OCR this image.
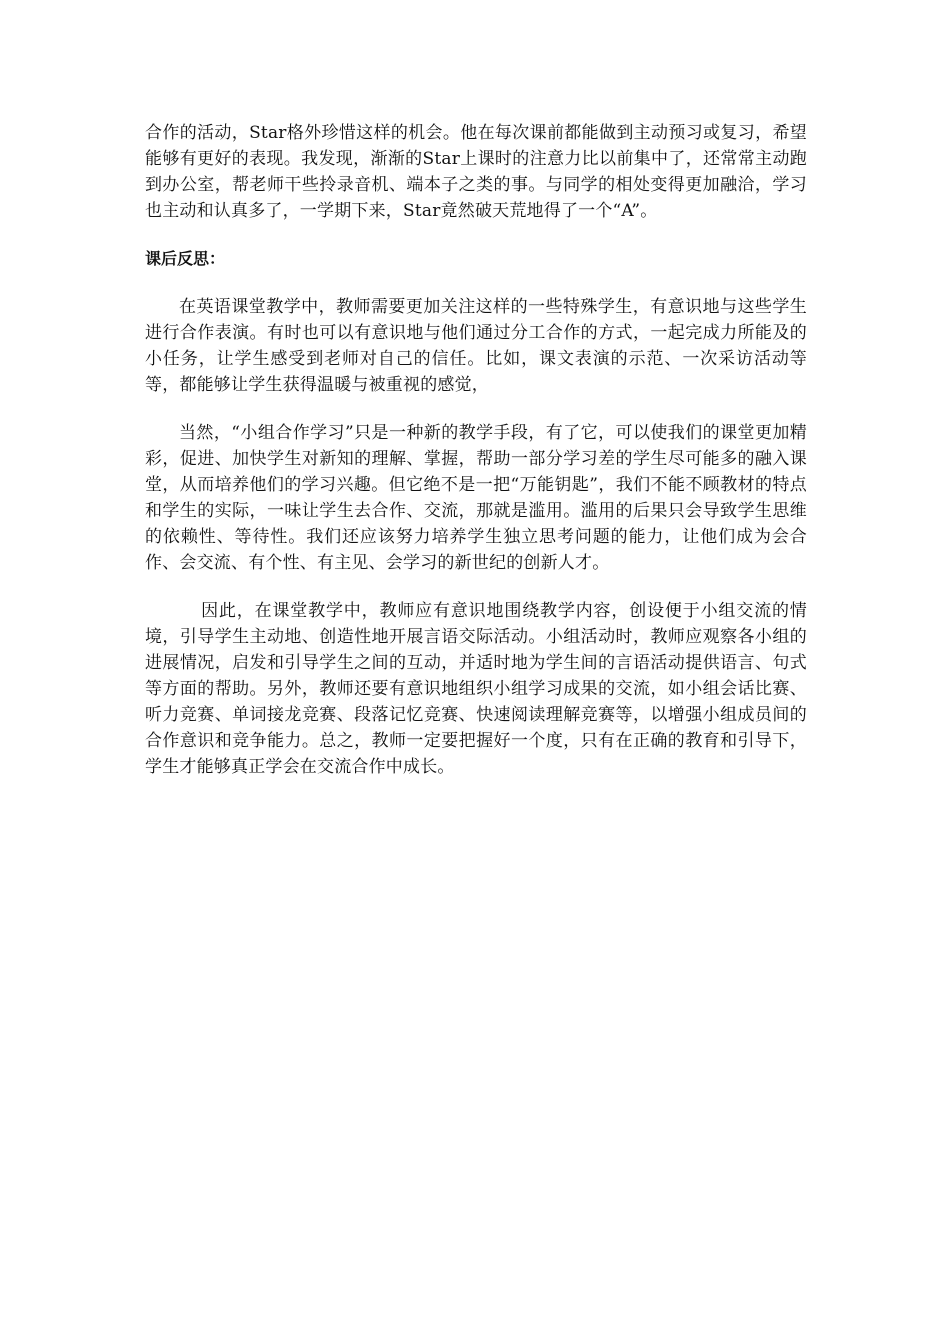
合作的活动，Star格外珍惜这样的机会。他在每次课前都能做到主动预习或复习，希望能够有更好的表现。我发现，渐渐的Star上课时的注意力比以前集中了，还常常主动跑到办公室，帮老师干些拎录音机、端本子之类的事。与同学的相处变得更加融洽，学习也主动和认真多了，一学期下来，Star竟然破天荒地得了一个“A”。

课后反思：

在英语课堂教学中，教师需要更加关注这样的一些特殊学生，有意识地与这些学生进行合作表演。有时也可以有意识地与他们通过分工合作的方式，一起完成力所能及的小任务，让学生感受到老师对自己的信任。比如，课文表演的示范、一次采访活动等等，都能够让学生获得温暖与被重视的感觉，

当然，“小组合作学习”只是一种新的教学手段，有了它，可以使我们的课堂更加精彩，促进、加快学生对新知的理解、掌握，帮助一部分学习差的学生尽可能多的融入课堂，从而培养他们的学习兴趣。但它绝不是一把“万能钥匙”，我们不能不顾教材的特点和学生的实际，一味让学生去合作、交流，那就是滥用。滥用的后果只会导致学生思维的依赖性、等待性。我们还应该努力培养学生独立思考问题的能力，让他们成为会合作、会交流、有个性、有主见、会学习的新世纪的创新人才。

因此，在课堂教学中，教师应有意识地围绕教学内容，创设便于小组交流的情境，引导学生主动地、创造性地开展言语交际活动。小组活动时，教师应观察各小组的进展情况，启发和引导学生之间的互动，并适时地为学生间的言语活动提供语言、句式等方面的帮助。另外，教师还要有意识地组织小组学习成果的交流，如小组会话比赛、听力竞赛、单词接龙竞赛、段落记忆竞赛、快速阅读理解竞赛等，以增强小组成员间的合作意识和竞争能力。总之，教师一定要把握好一个度，只有在正确的教育和引导下，学生才能够真正学会在交流合作中成长。
